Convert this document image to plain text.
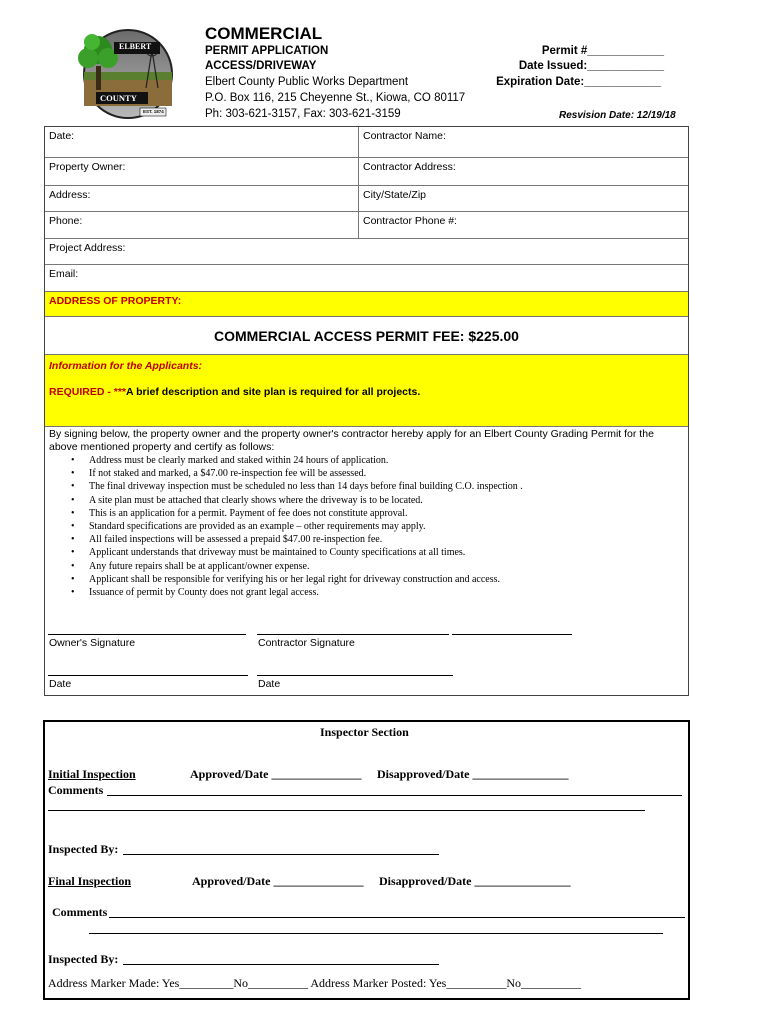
ELBERT
COUNTY
EST. 1874
COMMERCIAL
PERMIT APPLICATION
ACCESS/DRIVEWAY
Elbert County Public Works Department
P.O. Box 116, 215 Cheyenne St., Kiowa, CO 80117
Ph: 303-621-3157, Fax: 303-621-3159
Permit #____________
Date Issued:____________
Expiration Date:____________
Resvision Date: 12/19/18
Date:	Contractor Name:
Property Owner:	Contractor Address:
Address:	City/State/Zip
Phone:	Contractor Phone #:
Project Address:
Email:
ADDRESS OF PROPERTY:
COMMERCIAL ACCESS PERMIT FEE: $225.00
Information for the Applicants:
REQUIRED - ***A brief description and site plan is required for all projects.
By signing below, the property owner and the property owner's contractor hereby apply for an Elbert County Grading Permit for the above mentioned property and certify as follows:
• Address must be clearly marked and staked within 24 hours of application.
• If not staked and marked, a $47.00 re-inspection fee will be assessed.
• The final driveway inspection must be scheduled no less than 14 days before final building C.O. inspection .
• A site plan must be attached that clearly shows where the driveway is to be located.
• This is an application for a permit. Payment of fee does not constitute approval.
• Standard specifications are provided as an example – other requirements may apply.
• All failed inspections will be assessed a prepaid $47.00 re-inspection fee.
• Applicant understands that driveway must be maintained to County specifications at all times.
• Any future repairs shall be at applicant/owner expense.
• Applicant shall be responsible for verifying his or her legal right for driveway construction and access.
• Issuance of permit by County does not grant legal access.
Owner's Signature	Contractor Signature
Date	Date
Inspector Section
Initial Inspection	Approved/Date _______________ Disapproved/Date ________________
Comments
Inspected By:
Final Inspection	Approved/Date _______________ Disapproved/Date ________________
Comments
Inspected By:
Address Marker Made: Yes_________No__________ Address Marker Posted: Yes__________No__________
